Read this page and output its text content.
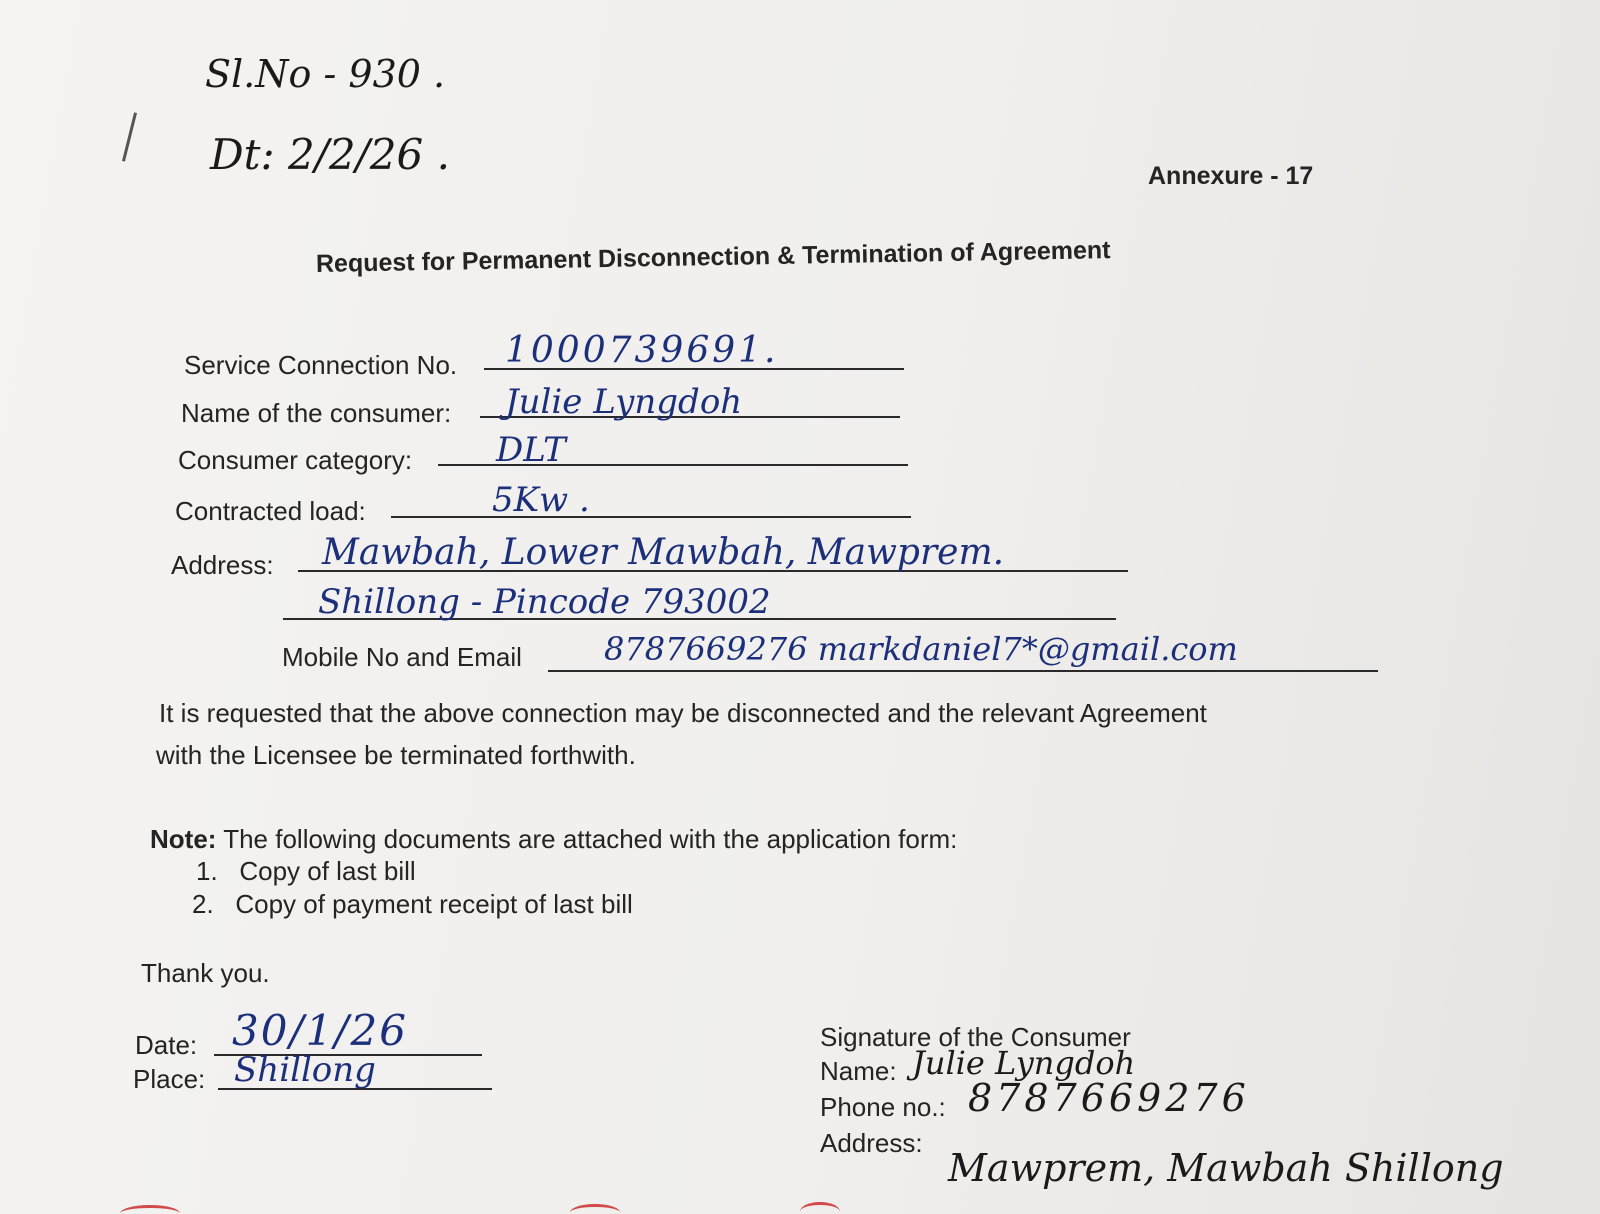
Sl.No - 930 .
Dt: 2/2/26 .	Annexure - 17
Request for Permanent Disconnection & Termination of Agreement
Service Connection No. 1000739691.
Name of the consumer: Julie Lyngdoh
Consumer category: DLT
Contracted load:	5Kw .
Address: Mawbah, Lower Mawbah, Mawprem.
Shillong - Pincode 793002
Mobile No and Email	8787669276 markdaniel7*@gmail.com
It is requested that the above connection may be disconnected and the relevant Agreement
with the Licensee be terminated forthwith.
Note: The following documents are attached with the application form:
1. Copy of last bill
2. Copy of payment receipt of last bill
Thank you.
Date: 30/1/26
Place: Shillong
Signature of the Consumer
Name: Julie Lyngdoh
Phone no.: 8787669276
Address:
Mawprem, Mawbah Shillong
